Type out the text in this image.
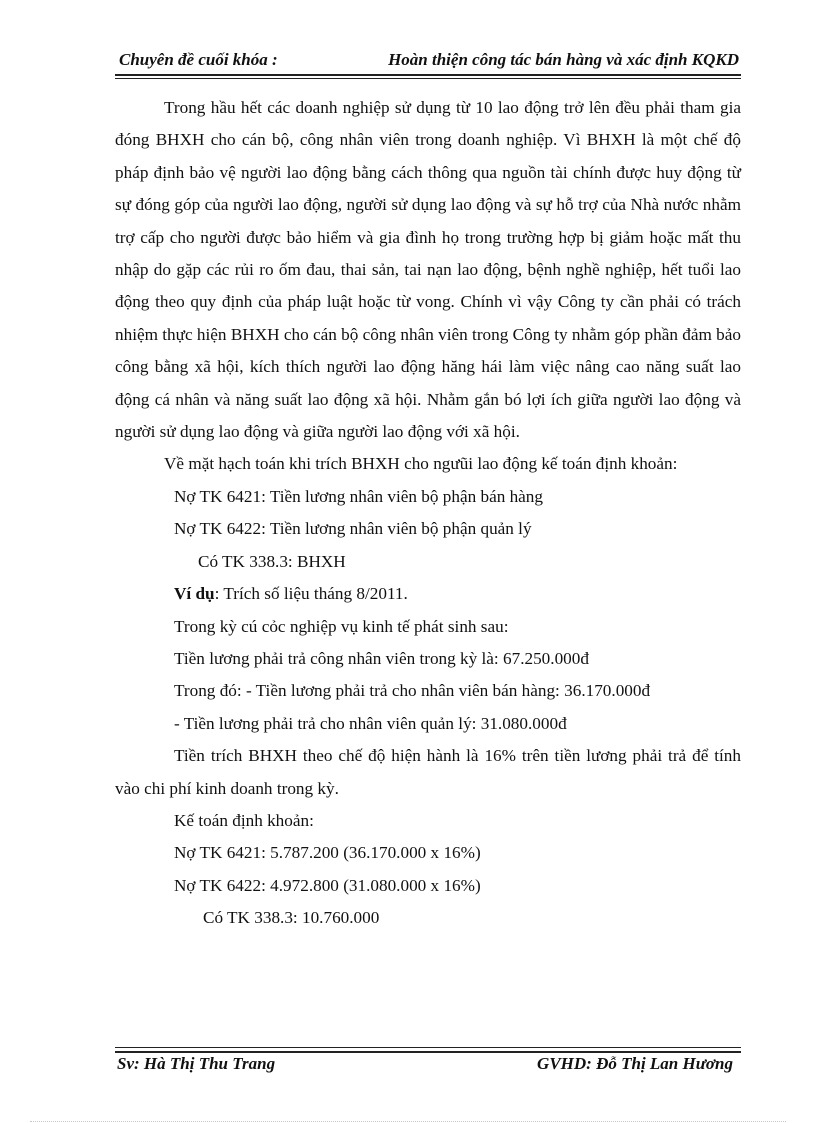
Chuyên đề cuối khóa :	Hoàn thiện công tác bán hàng và xác định KQKD

Trong hầu hết các doanh nghiệp sử dụng từ 10 lao động trở lên đều phải tham gia đóng BHXH cho cán bộ, công nhân viên trong doanh nghiệp. Vì BHXH là một chế độ pháp định bảo vệ người lao động bằng cách thông qua nguồn tài chính được huy động từ sự đóng góp của người lao động, người sử dụng lao động và sự hỗ trợ của Nhà nước nhằm trợ cấp cho người được bảo hiểm và gia đình họ trong trường hợp bị giảm hoặc mất thu nhập do gặp các rủi ro ốm đau, thai sản, tai nạn lao động, bệnh nghề nghiệp, hết tuổi lao động theo quy định của pháp luật hoặc từ vong. Chính vì vậy Công ty cần phải có trách nhiệm thực hiện BHXH cho cán bộ công nhân viên trong Công ty nhằm góp phần đảm bảo công bằng xã hội, kích thích người lao động hăng hái làm việc nâng cao năng suất lao động cá nhân và năng suất lao động xã hội. Nhằm gắn bó lợi ích giữa người lao động và người sử dụng lao động và giữa người lao động với xã hội.

Về mặt hạch toán khi trích BHXH cho ngưũi lao động kế toán định khoản:

Nợ TK 6421: Tiền lương nhân viên bộ phận bán hàng

Nợ TK 6422: Tiền lương nhân viên bộ phận quản lý

Có TK 338.3: BHXH

Ví dụ: Trích số liệu tháng 8/2011.

Trong kỳ cú cỏc nghiệp vụ kinh tế phát sinh sau:

Tiền lương phải trả công nhân viên trong kỳ là: 67.250.000đ

Trong đó: - Tiền lương phải trả cho nhân viên bán hàng: 36.170.000đ

- Tiền lương phải trả cho nhân viên quản lý: 31.080.000đ

Tiền trích BHXH theo chế độ hiện hành là 16% trên tiền lương phải trả để tính vào chi phí kinh doanh trong kỳ.

Kế toán định khoản:

Nợ TK 6421: 5.787.200 (36.170.000 x 16%)

Nợ TK 6422: 4.972.800 (31.080.000 x 16%)

Có TK 338.3: 10.760.000

Sv: Hà Thị Thu Trang	GVHD: Đỗ Thị Lan Hương
